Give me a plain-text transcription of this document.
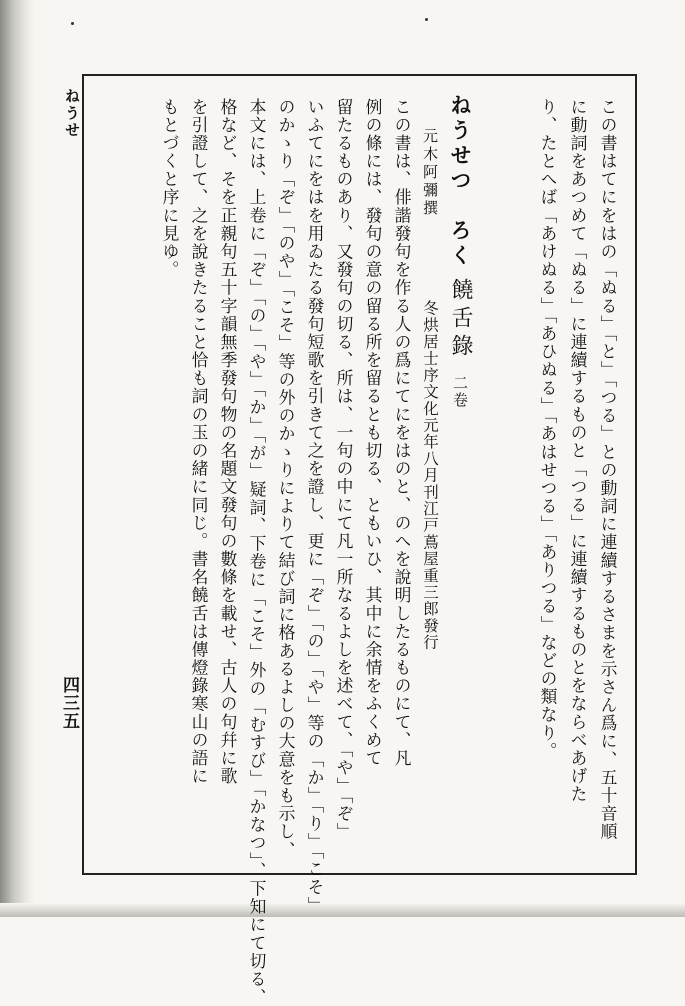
ねうせ
四三五	この書はてにをはの「ぬる」「と」「つる」との動詞に連續するさまを示さん爲に、五十音順
に動詞をあつめて「ぬる」に連續するものと「つる」に連續するものとをならべあげた
り、たとへば「あけぬる」「あひぬる」「あはせつる」「ありつる」などの類なり。
ねうせつ　ろく
饒舌錄 二卷
元木阿彌撰
冬烘居士序文化元年八月刊江戸蔦屋重三郎發行
この書は、俳諧發句を作る人の爲にてにをはのと、のへを說明したるものにて、凡
例の條には、發句の意の留る所を留るとも切る、ともいひ、其中に余情をふくめて
留たるものあり、又發句の切る、所は、一句の中にて凡一所なるよしを述べて、「や」「ぞ」
いふてにをはを用ゐたる發句短歌を引きて之を證し、更に「ぞ」「の」「や」等の「か」「り」「こそ」
のかゝり「ぞ」「のや」「こそ」等の外のかゝりによりて結び詞に格あるよしの大意をも示し、
本文には、上卷に「ぞ」「の」「や」「か」「が」疑詞、下卷に「こそ」外の「むすび」「かなつ」、下知にて切る、
格など、そを正親句五十字韻無季發句物の名題文發句の數條を載せ、古人の句幷に歌
を引證して、之を說きたること恰も詞の玉の緒に同じ。書名饒舌は傳燈錄寒山の語に
もとづくと序に見ゆ。
